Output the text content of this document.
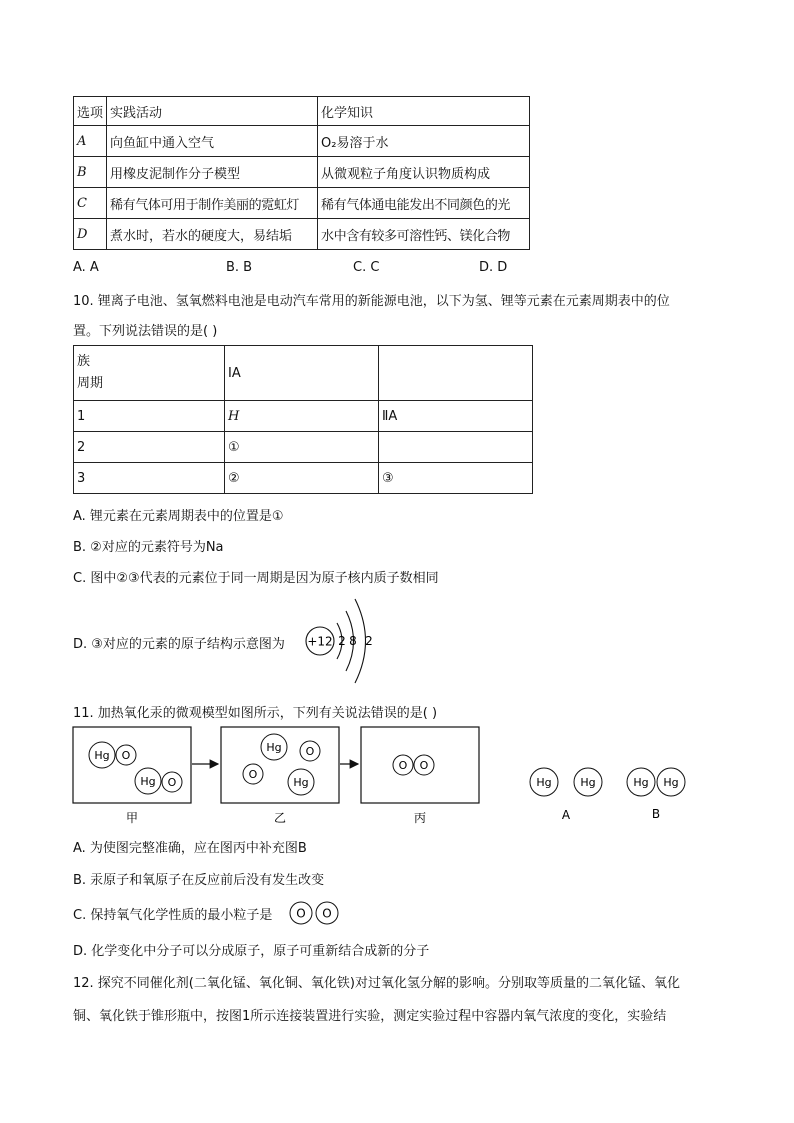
选项	实践活动	化学知识
A	向鱼缸中通入空气	O₂易溶于水
B	用橡皮泥制作分子模型	从微观粒子角度认识物质构成
C	稀有气体可用于制作美丽的霓虹灯	稀有气体通电能发出不同颜色的光
D	煮水时，若水的硬度大，易结垢	水中含有较多可溶性钙、镁化合物
A. A	B. B	C. C	D. D
10. 锂离子电池、氢氧燃料电池是电动汽车常用的新能源电池，以下为氢、锂等元素在元素周期表中的位
置。下列说法错误的是( )
族
周期	ⅠA	
1	H	ⅡA
2	①	
3	②	③
A. 锂元素在元素周期表中的位置是①
B. ②对应的元素符号为Na
C. 图中②③代表的元素位于同一周期是因为原子核内质子数相同
D. ③对应的元素的原子结构示意图为 +12 2 8 2
11. 加热氧化汞的微观模型如图所示，下列有关说法错误的是( )
Hg O
Hg O
Hg O
O
Hg
O O
甲	乙	丙
Hg	Hg
A
Hg Hg
B
A. 为使图完整准确，应在图丙中补充图B
B. 汞原子和氧原子在反应前后没有发生改变
C. 保持氧气化学性质的最小粒子是 O O
D. 化学变化中分子可以分成原子，原子可重新结合成新的分子
12. 探究不同催化剂(二氧化锰、氧化铜、氧化铁)对过氧化氢分解的影响。分别取等质量的二氧化锰、氧化
铜、氧化铁于锥形瓶中，按图1所示连接装置进行实验，测定实验过程中容器内氧气浓度的变化，实验结
